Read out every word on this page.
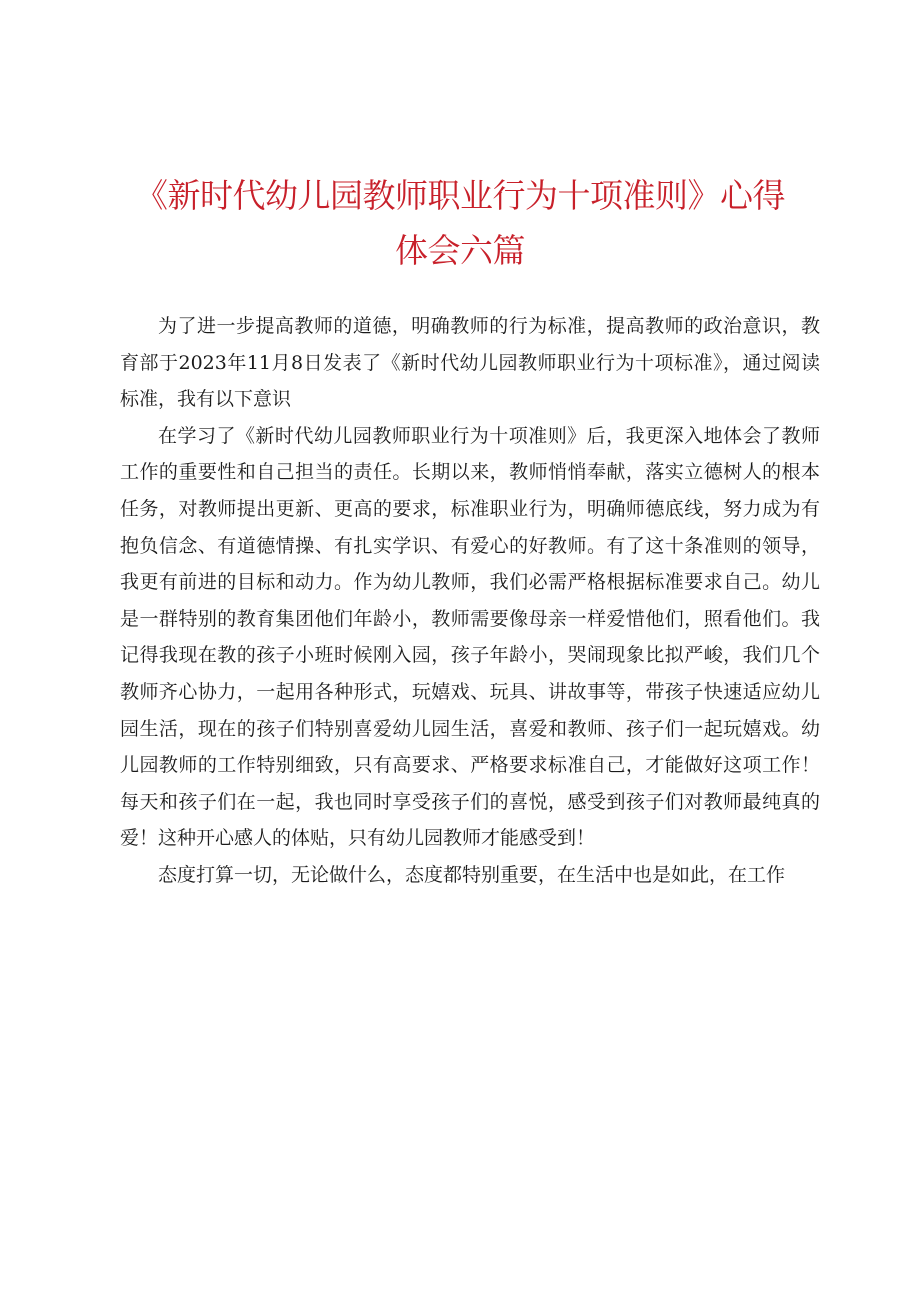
《新时代幼儿园教师职业行为十项准则》心得
体会六篇

为了进一步提高教师的道德，明确教师的行为标准，提高教师的政治意识，教育部于2023年11月8日发表了《新时代幼儿园教师职业行为十项标准》，通过阅读标准，我有以下意识

在学习了《新时代幼儿园教师职业行为十项准则》后，我更深入地体会了教师工作的重要性和自己担当的责任。长期以来，教师悄悄奉献，落实立德树人的根本任务，对教师提出更新、更高的要求，标准职业行为，明确师德底线，努力成为有抱负信念、有道德情操、有扎实学识、有爱心的好教师。有了这十条准则的领导，我更有前进的目标和动力。作为幼儿教师，我们必需严格根据标准要求自己。幼儿是一群特别的教育集团他们年龄小，教师需要像母亲一样爱惜他们，照看他们。我记得我现在教的孩子小班时候刚入园，孩子年龄小，哭闹现象比拟严峻，我们几个教师齐心协力，一起用各种形式，玩嬉戏、玩具、讲故事等，带孩子快速适应幼儿园生活，现在的孩子们特别喜爱幼儿园生活，喜爱和教师、孩子们一起玩嬉戏。幼儿园教师的工作特别细致，只有高要求、严格要求标准自己，才能做好这项工作！每天和孩子们在一起，我也同时享受孩子们的喜悦，感受到孩子们对教师最纯真的爱！这种开心感人的体贴，只有幼儿园教师才能感受到！

态度打算一切，无论做什么，态度都特别重要，在生活中也是如此，在工作
